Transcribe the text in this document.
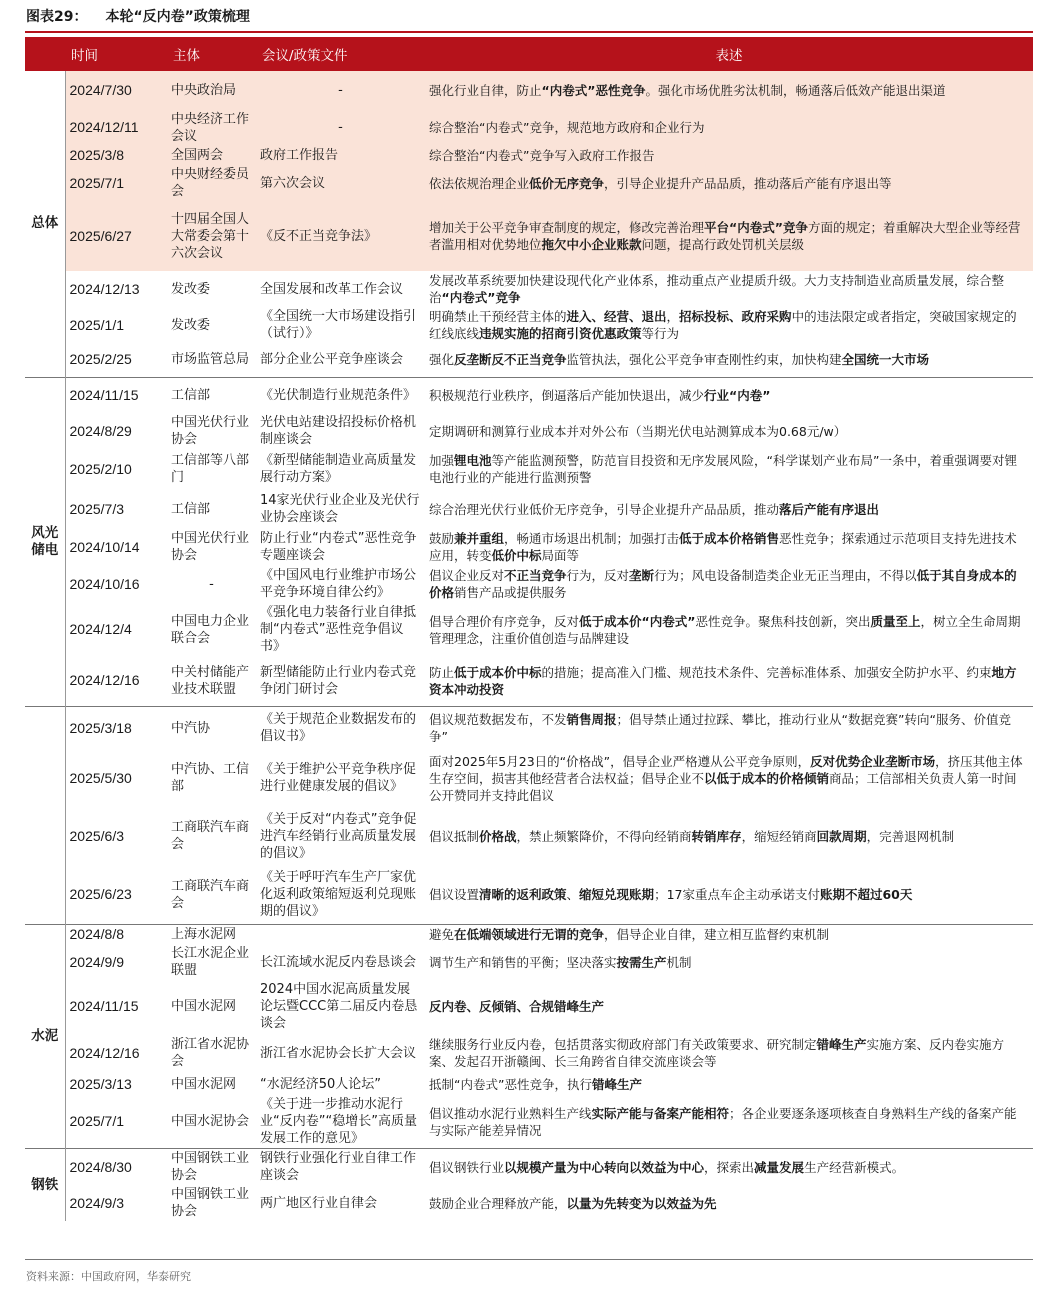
图表29： 本轮“反内卷”政策梳理
	时间	主体	会议/政策文件	表述
总体	2024/7/30	中央政治局	-	强化行业自律，防止“内卷式”恶性竞争。强化市场优胜劣汰机制，畅通落后低效产能退出渠道
	2024/12/11	中央经济工作会议	-	综合整治“内卷式”竞争，规范地方政府和企业行为
	2025/3/8	全国两会	政府工作报告	综合整治“内卷式”竞争写入政府工作报告
	2025/7/1	中央财经委员会	第六次会议	依法依规治理企业低价无序竞争，引导企业提升产品品质，推动落后产能有序退出等
	2025/6/27	十四届全国人大常委会第十六次会议	《反不正当竞争法》	增加关于公平竞争审查制度的规定，修改完善治理平台“内卷式”竞争方面的规定；着重解决大型企业等经营者滥用相对优势地位拖欠中小企业账款问题，提高行政处罚机关层级
	2024/12/13	发改委	全国发展和改革工作会议	发展改革系统要加快建设现代化产业体系，推动重点产业提质升级。大力支持制造业高质量发展，综合整治“内卷式”竞争
	2025/1/1	发改委	《全国统一大市场建设指引（试行）》	明确禁止干预经营主体的进入、经营、退出，招标投标、政府采购中的违法限定或者指定，突破国家规定的红线底线违规实施的招商引资优惠政策等行为
	2025/2/25	市场监管总局	部分企业公平竞争座谈会	强化反垄断反不正当竞争监管执法，强化公平竞争审查刚性约束，加快构建全国统一大市场
风光储电	2024/11/15	工信部	《光伏制造行业规范条件》	积极规范行业秩序，倒逼落后产能加快退出，减少行业“内卷”
	2024/8/29	中国光伏行业协会	光伏电站建设招投标价格机制座谈会	定期调研和测算行业成本并对外公布（当期光伏电站测算成本为0.68元/w）
	2025/2/10	工信部等八部门	《新型储能制造业高质量发展行动方案》	加强锂电池等产能监测预警，防范盲目投资和无序发展风险，“科学谋划产业布局”一条中，着重强调要对锂电池行业的产能进行监测预警
	2025/7/3	工信部	14家光伏行业企业及光伏行业协会座谈会	综合治理光伏行业低价无序竞争，引导企业提升产品品质，推动落后产能有序退出
	2024/10/14	中国光伏行业协会	防止行业“内卷式”恶性竞争专题座谈会	鼓励兼并重组，畅通市场退出机制；加强打击低于成本价格销售恶性竞争；探索通过示范项目支持先进技术应用，转变低价中标局面等
	2024/10/16	-	《中国风电行业维护市场公平竞争环境自律公约》	倡议企业反对不正当竞争行为，反对垄断行为；风电设备制造类企业无正当理由，不得以低于其自身成本的价格销售产品或提供服务
	2024/12/4	中国电力企业联合会	《强化电力装备行业自律抵制“内卷式”恶性竞争倡议书》	倡导合理价有序竞争，反对低于成本价“内卷式”恶性竞争。聚焦科技创新，突出质量至上，树立全生命周期管理理念，注重价值创造与品牌建设
	2024/12/16	中关村储能产业技术联盟	新型储能防止行业内卷式竞争闭门研讨会	防止低于成本价中标的措施；提高准入门槛、规范技术条件、完善标准体系、加强安全防护水平、约束地方资本冲动投资
	2025/3/18	中汽协	《关于规范企业数据发布的倡议书》	倡议规范数据发布，不发销售周报；倡导禁止通过拉踩、攀比，推动行业从“数据竞赛”转向“服务、价值竞争”
	2025/5/30	中汽协、工信部	《关于维护公平竞争秩序促进行业健康发展的倡议》	面对2025年5月23日的“价格战”，倡导企业严格遵从公平竞争原则，反对优势企业垄断市场，挤压其他主体生存空间，损害其他经营者合法权益；倡导企业不以低于成本的价格倾销商品；工信部相关负责人第一时间公开赞同并支持此倡议
	2025/6/3	工商联汽车商会	《关于反对“内卷式”竞争促进汽车经销行业高质量发展的倡议》	倡议抵制价格战，禁止频繁降价，不得向经销商转销库存，缩短经销商回款周期，完善退网机制
	2025/6/23	工商联汽车商会	《关于呼吁汽车生产厂家优化返利政策缩短返利兑现账期的倡议》	倡议设置清晰的返利政策、缩短兑现账期；17家重点车企主动承诺支付账期不超过60天
水泥	2024/8/8	上海水泥网		避免在低端领域进行无谓的竞争，倡导企业自律，建立相互监督约束机制
	2024/9/9	长江水泥企业联盟	长江流域水泥反内卷恳谈会	调节生产和销售的平衡；坚决落实按需生产机制
	2024/11/15	中国水泥网	2024中国水泥高质量发展论坛暨CCC第二届反内卷恳谈会	反内卷、反倾销、合规错峰生产
	2024/12/16	浙江省水泥协会	浙江省水泥协会长扩大会议	继续服务行业反内卷，包括贯落实彻政府部门有关政策要求、研究制定错峰生产实施方案、反内卷实施方案、发起召开浙赣闽、长三角跨省自律交流座谈会等
	2025/3/13	中国水泥网	“水泥经济50人论坛”	抵制“内卷式”恶性竞争，执行错峰生产
	2025/7/1	中国水泥协会	《关于进一步推动水泥行业“反内卷”“稳增长”高质量发展工作的意见》	倡议推动水泥行业熟料生产线实际产能与备案产能相符；各企业要逐条逐项核查自身熟料生产线的备案产能与实际产能差异情况
钢铁	2024/8/30	中国钢铁工业协会	钢铁行业强化行业自律工作座谈会	倡议钢铁行业以规模产量为中心转向以效益为中心，探索出减量发展生产经营新模式。
	2024/9/3	中国钢铁工业协会	两广地区行业自律会	鼓励企业合理释放产能，以量为先转变为以效益为先
资料来源：中国政府网，华泰研究
